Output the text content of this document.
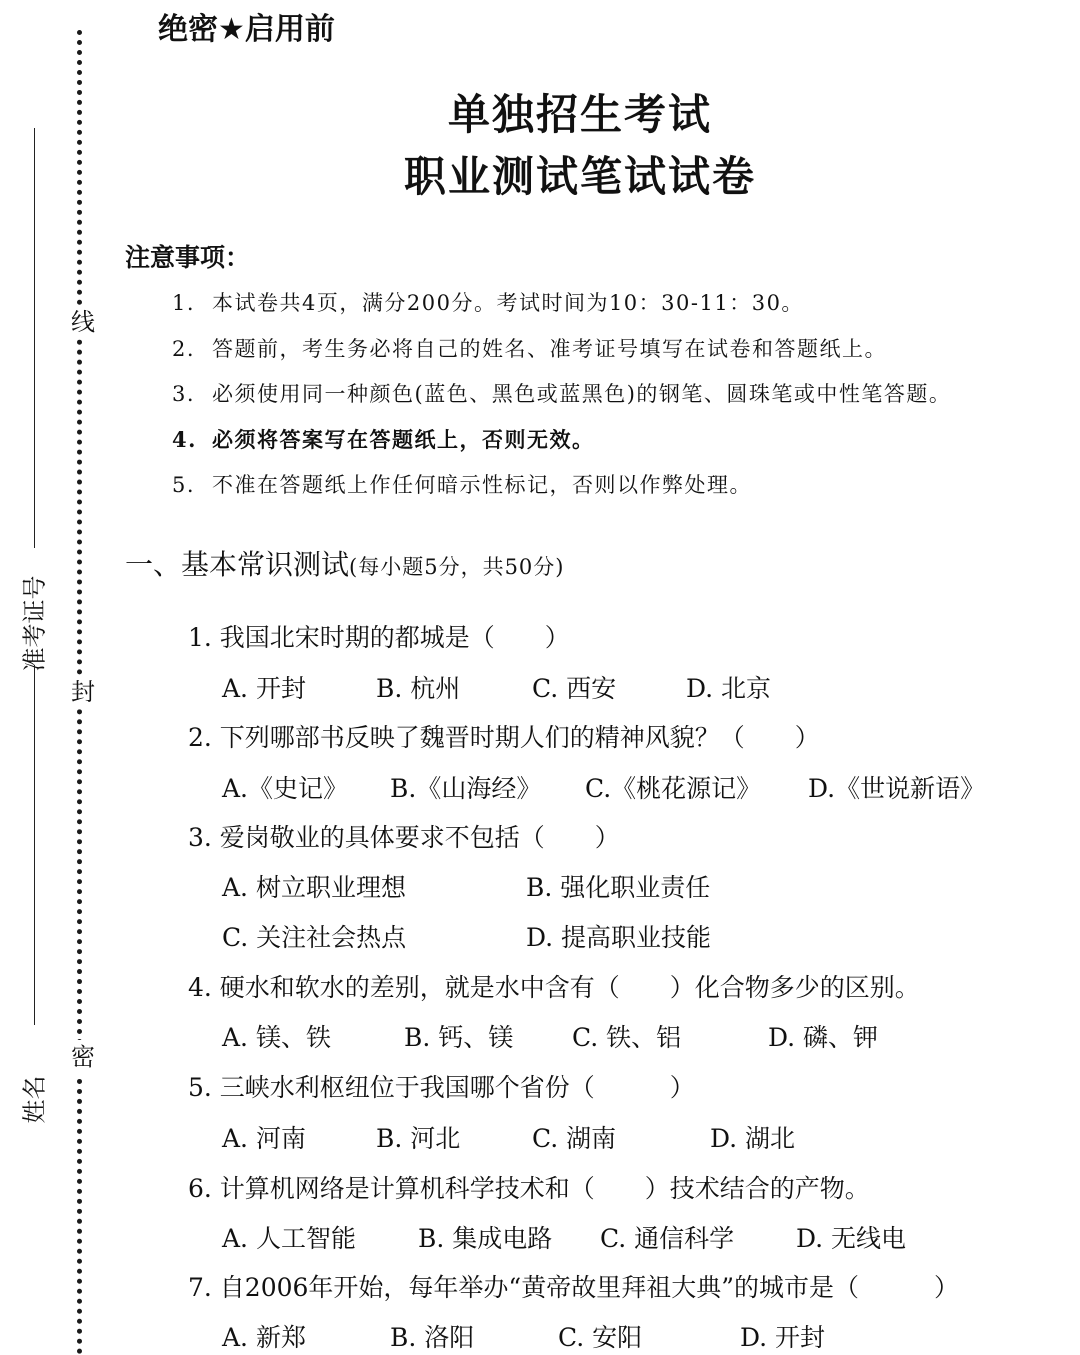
线
封
密
准考证号
姓名
绝密★启用前
单独招生考试
职业测试笔试试卷
注意事项：
1. 本试卷共4页，满分200分。考试时间为10：30-11：30。
2. 答题前，考生务必将自己的姓名、准考证号填写在试卷和答题纸上。
3. 必须使用同一种颜色(蓝色、黑色或蓝黑色)的钢笔、圆珠笔或中性笔答题。
4. 必须将答案写在答题纸上，否则无效。
5. 不准在答题纸上作任何暗示性标记，否则以作弊处理。
一、基本常识测试(每小题5分，共50分)
1. 我国北宋时期的都城是（　　）
A. 开封	B. 杭州	C. 西安	D. 北京
2. 下列哪部书反映了魏晋时期人们的精神风貌？（　　）
A.《史记》 B.《山海经》 C.《桃花源记》 D.《世说新语》
3. 爱岗敬业的具体要求不包括（　　）
A. 树立职业理想	B. 强化职业责任
C. 关注社会热点	D. 提高职业技能
4. 硬水和软水的差别，就是水中含有（　　）化合物多少的区别。
A. 镁、铁	B. 钙、镁 C. 铁、铝	D. 磷、钾
5. 三峡水利枢纽位于我国哪个省份（　　　）
A. 河南	B. 河北	C. 湖南	D. 湖北
6. 计算机网络是计算机科学技术和（　　）技术结合的产物。
A. 人工智能 B. 集成电路 C. 通信科学 D. 无线电
7. 自2006年开始，每年举办“黄帝故里拜祖大典”的城市是（　　　）
A. 新郑	B. 洛阳	C. 安阳	D. 开封
